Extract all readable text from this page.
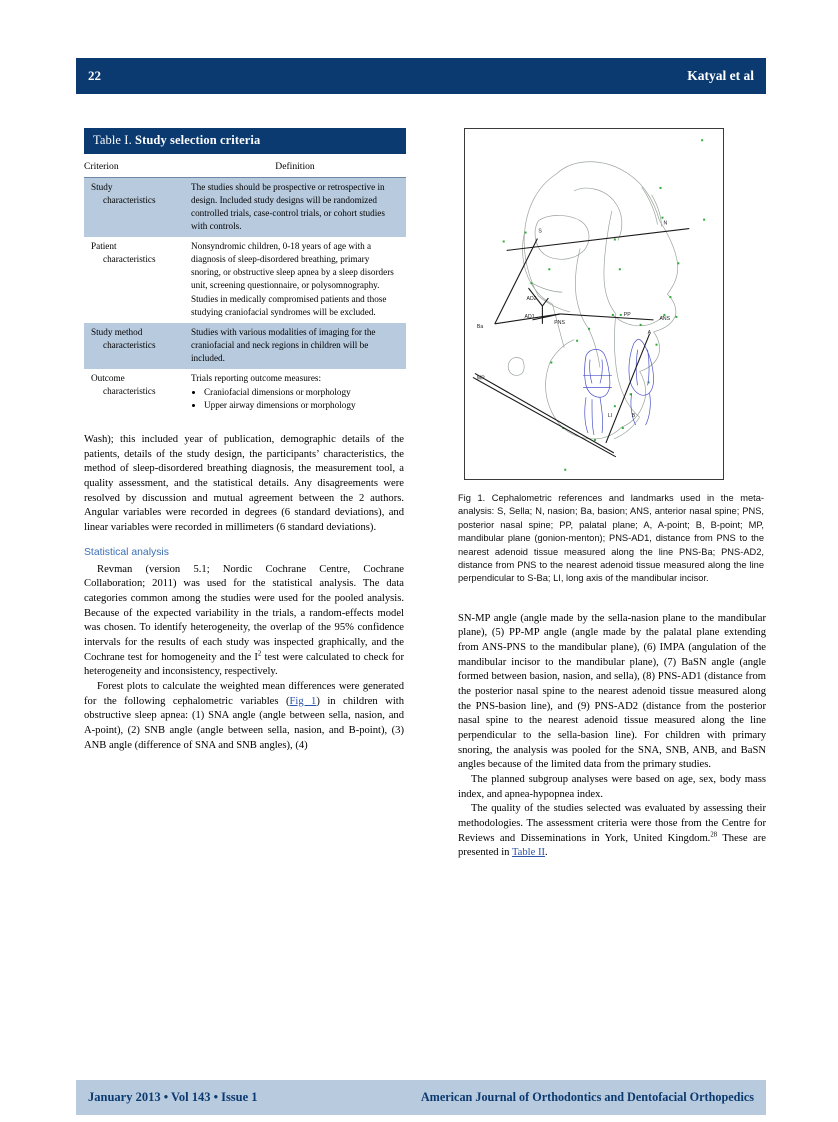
22	Katyal et al
Table I. Study selection criteria	
Criterion	Definition

Study
characteristics	The studies should be prospective or retrospective in design. Included study designs will be randomized controlled trials, case-control trials, or cohort studies with controls.

Patient
characteristics	Nonsyndromic children, 0-18 years of age with a diagnosis of sleep-disordered breathing, primary snoring, or obstructive sleep apnea by a sleep disorders unit, screening questionnaire, or polysomnography. Studies in medically compromised patients and those studying craniofacial syndromes will be excluded.

Study method
characteristics	Studies with various modalities of imaging for the craniofacial and neck regions in children will be included.

Outcome
characteristics
	Trials reporting outcome measures:
• Craniofacial dimensions or morphology
• Upper airway dimensions or morphology

Wash); this included year of publication, demographic details of the patients, details of the study design, the participants’ characteristics, the method of sleep-disordered breathing diagnosis, the measurement tool, a quality assessment, and the statistical details. Any disagreements were resolved by discussion and mutual agreement between the 2 authors. Angular variables were recorded in degrees (6 standard deviations), and linear variables were recorded in millimeters (6 standard deviations).

Statistical analysis

Revman (version 5.1; Nordic Cochrane Centre, Cochrane Collaboration; 2011) was used for the statistical analysis. The data categories common among the studies were used for the pooled analysis. Because of the expected variability in the trials, a random-effects model was chosen. To identify heterogeneity, the overlap of the 95% confidence intervals for the results of each study was inspected graphically, and the Cochrane test for homogeneity and the $I^2$ test were calculated to check for heterogeneity and inconsistency, respectively.

Forest plots to calculate the weighted mean differences were generated for the following cephalometric variables (Fig 1) in children with obstructive sleep apnea: (1) SNA angle (angle between sella, nasion, and A-point), (2) SNB angle (angle between sella, nasion, and B-point), (3) ANB angle (difference of SNA and SNB angles), (4)

S
N
Ba
AD2
AD1
PNS
PP
ANS
A
MP
LI	B
Fig 1. Cephalometric references and landmarks used in the meta-analysis: S, Sella; N, nasion; Ba, basion; ANS, anterior nasal spine; PNS, posterior nasal spine; PP, palatal plane; A, A-point; B, B-point; MP, mandibular plane (gonion-menton); PNS-AD1, distance from PNS to the nearest adenoid tissue measured along the line PNS-Ba; PNS-AD2, distance from PNS to the nearest adenoid tissue measured along the line perpendicular to S-Ba; LI, long axis of the mandibular incisor.

SN-MP angle (angle made by the sella-nasion plane to the mandibular plane), (5) PP-MP angle (angle made by the palatal plane extending from ANS-PNS to the mandibular plane), (6) IMPA (angulation of the mandibular incisor to the mandibular plane), (7) BaSN angle (angle formed between basion, nasion, and sella), (8) PNS-AD1 (distance from the posterior nasal spine to the nearest adenoid tissue measured along the PNS-basion line), and (9) PNS-AD2 (distance from the posterior nasal spine to the nearest adenoid tissue measured along the line perpendicular to the sella-basion line). For children with primary snoring, the analysis was pooled for the SNA, SNB, ANB, and BaSN angles because of the limited data from the primary studies.

The planned subgroup analyses were based on age, sex, body mass index, and apnea-hypopnea index.

The quality of the studies selected was evaluated by assessing their methodologies. The assessment criteria were those from the Centre for Reviews and Disseminations in York, United Kingdom.$^{28}$ These are presented in Table II.

January 2013 • Vol 143 • Issue 1	American Journal of Orthodontics and Dentofacial Orthopedics
